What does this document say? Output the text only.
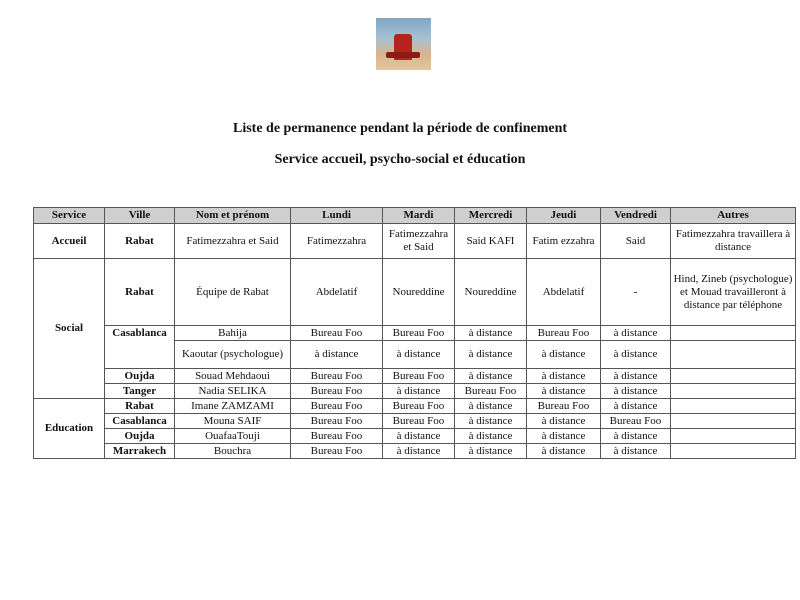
Liste de permanence pendant la période de confinement
Service accueil, psycho-social et éducation
Service	Ville	Nom et prénom	Lundi	Mardi	Mercredi	Jeudi	Vendredi	Autres
Accueil	Rabat	Fatimezzahra et Said	Fatimezzahra	Fatimezzahra et Said	Said KAFI	Fatim ezzahra	Said	Fatimezzahra travaillera à distance
Social	Rabat	Équipe de Rabat	Abdelatif	Noureddine	Noureddine	Abdelatif	-	Hind, Zineb (psychologue) et Mouad travailleront à distance par téléphone
	Casablanca	Bahija	Bureau Foo	Bureau Foo	à distance	Bureau Foo	à distance	
		Kaoutar (psychologue)	à distance	à distance	à distance	à distance	à distance	
	Oujda	Souad Mehdaoui	Bureau Foo	Bureau Foo	à distance	à distance	à distance	
	Tanger	Nadia SELIKA	Bureau Foo	à distance	Bureau Foo	à distance	à distance	
Education	Rabat	Imane ZAMZAMI	Bureau Foo	Bureau Foo	à distance	Bureau Foo	à distance	
	Casablanca	Mouna SAIF	Bureau Foo	Bureau Foo	à distance	à distance	Bureau Foo	
	Oujda	OuafaaTouji	Bureau Foo	à distance	à distance	à distance	à distance	
	Marrakech	Bouchra	Bureau Foo	à distance	à distance	à distance	à distance	
